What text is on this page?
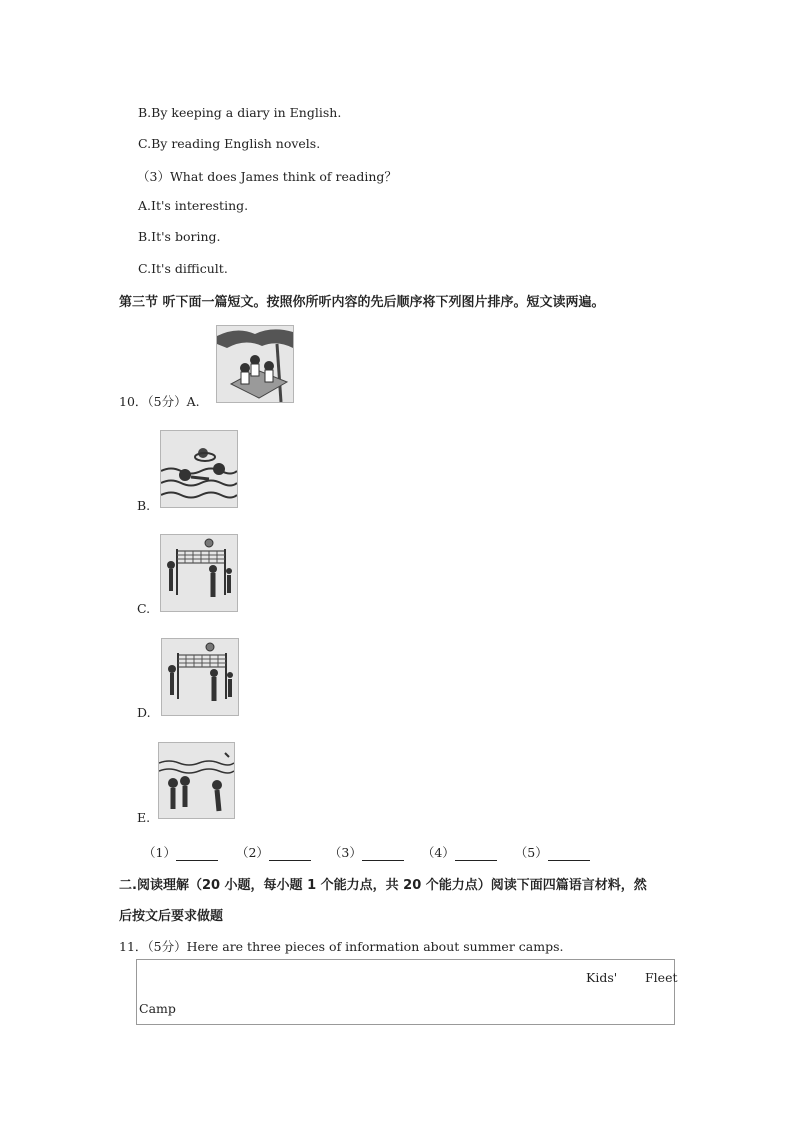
B.By keeping a diary in English.
C.By reading English novels.
（3）What does James think of reading？
A.It's interesting.
B.It's boring.
C.It's difficult.
第三节 听下面一篇短文。按照你所听内容的先后顺序将下列图片排序。短文读两遍。
10．（5分）A.
B.
C.
D.
E.
（1）	（2）	（3）	（4）	（5）
二.阅读理解（20 小题，每小题 1 个能力点，共 20 个能力点）阅读下面四篇语言材料，然
后按文后要求做题
11．（5分）Here are three pieces of information about summer camps.
Kids' Fleet
Camp
